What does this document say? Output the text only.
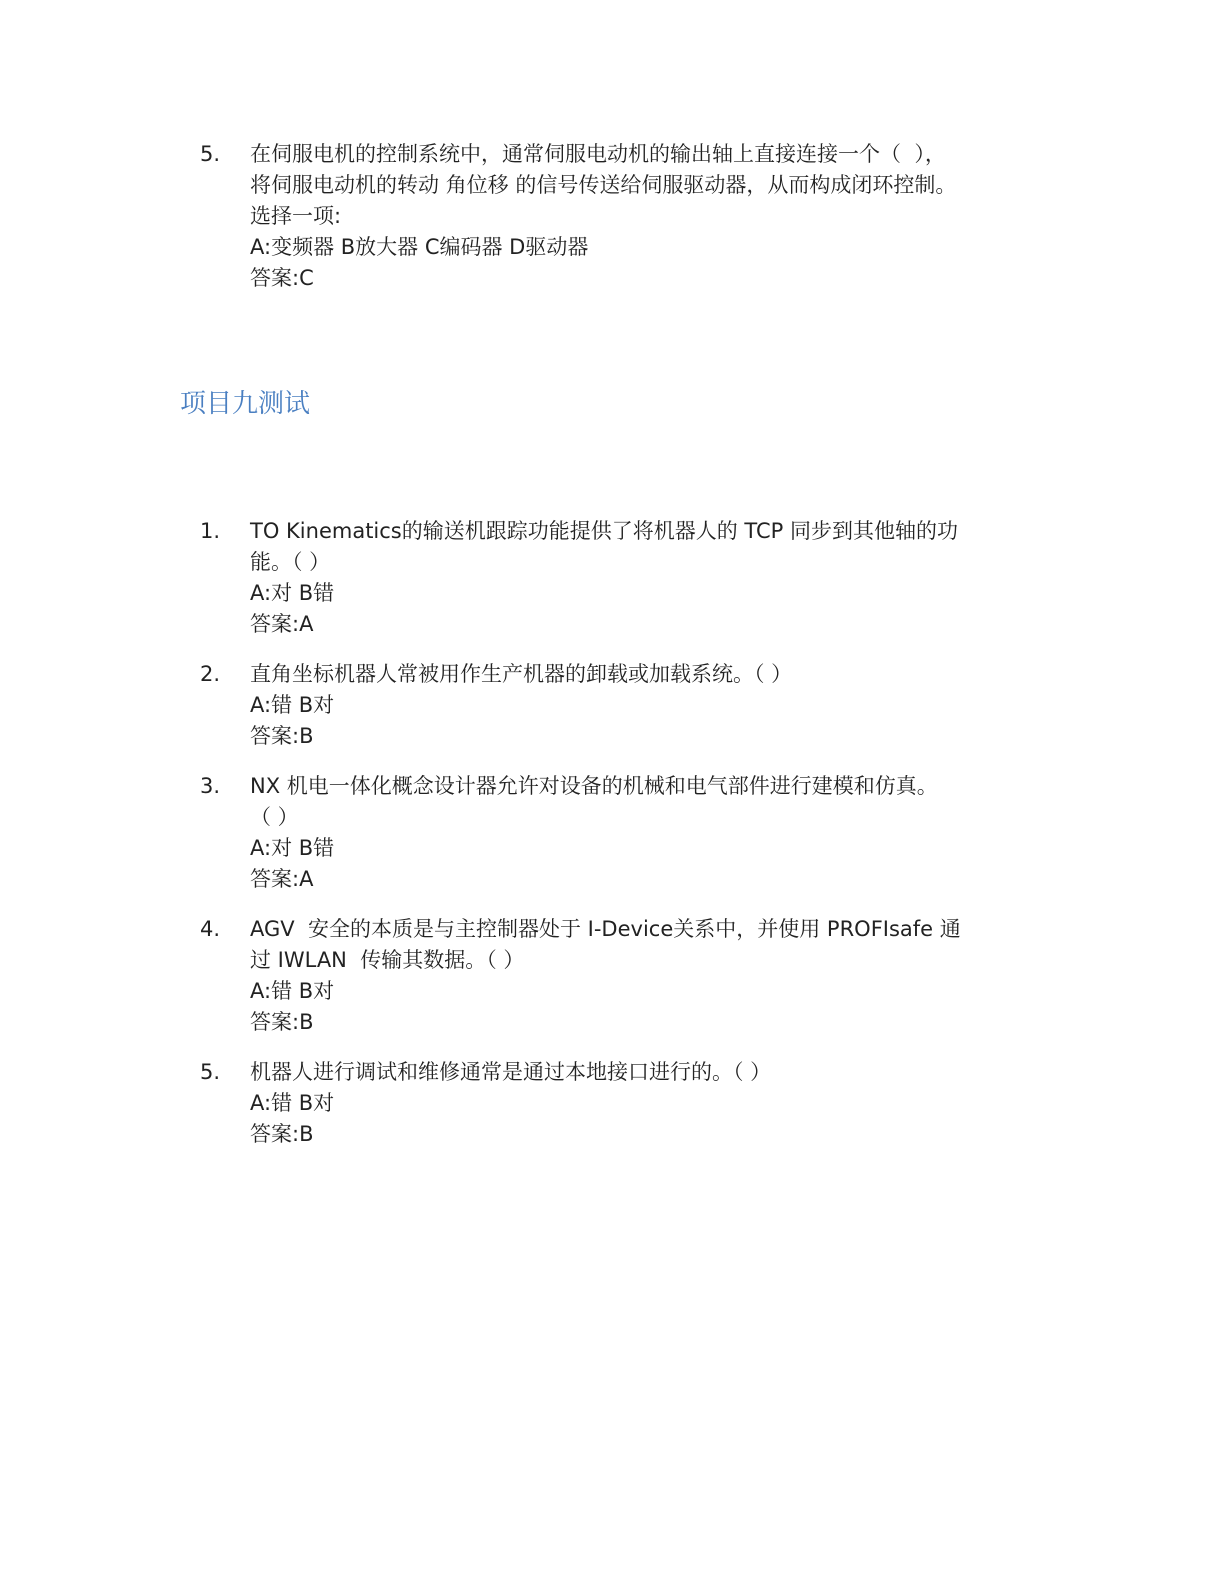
5.	在伺服电机的控制系统中，通常伺服电动机的输出轴上直接连接一个（  ），
将伺服电动机的转动 角位移 的信号传送给伺服驱动器，从而构成闭环控制。
选择一项:
A:变频器 B放大器 C编码器 D驱动器
答案:C
项目九测试
1.	TO Kinematics的输送机跟踪功能提供了将机器人的 TCP 同步到其他轴的功
能。（ ）
A:对 B错
答案:A
2.	直角坐标机器人常被用作生产机器的卸载或加载系统。（ ）
A:错 B对
答案:B
3.	NX 机电一体化概念设计器允许对设备的机械和电气部件进行建模和仿真。
（ ）
A:对 B错
答案:A
4.	AGV  安全的本质是与主控制器处于 I-Device关系中，并使用 PROFIsafe 通
过 IWLAN  传输其数据。（ ）
A:错 B对
答案:B
5.	机器人进行调试和维修通常是通过本地接口进行的。（ ）
A:错 B对
答案:B
